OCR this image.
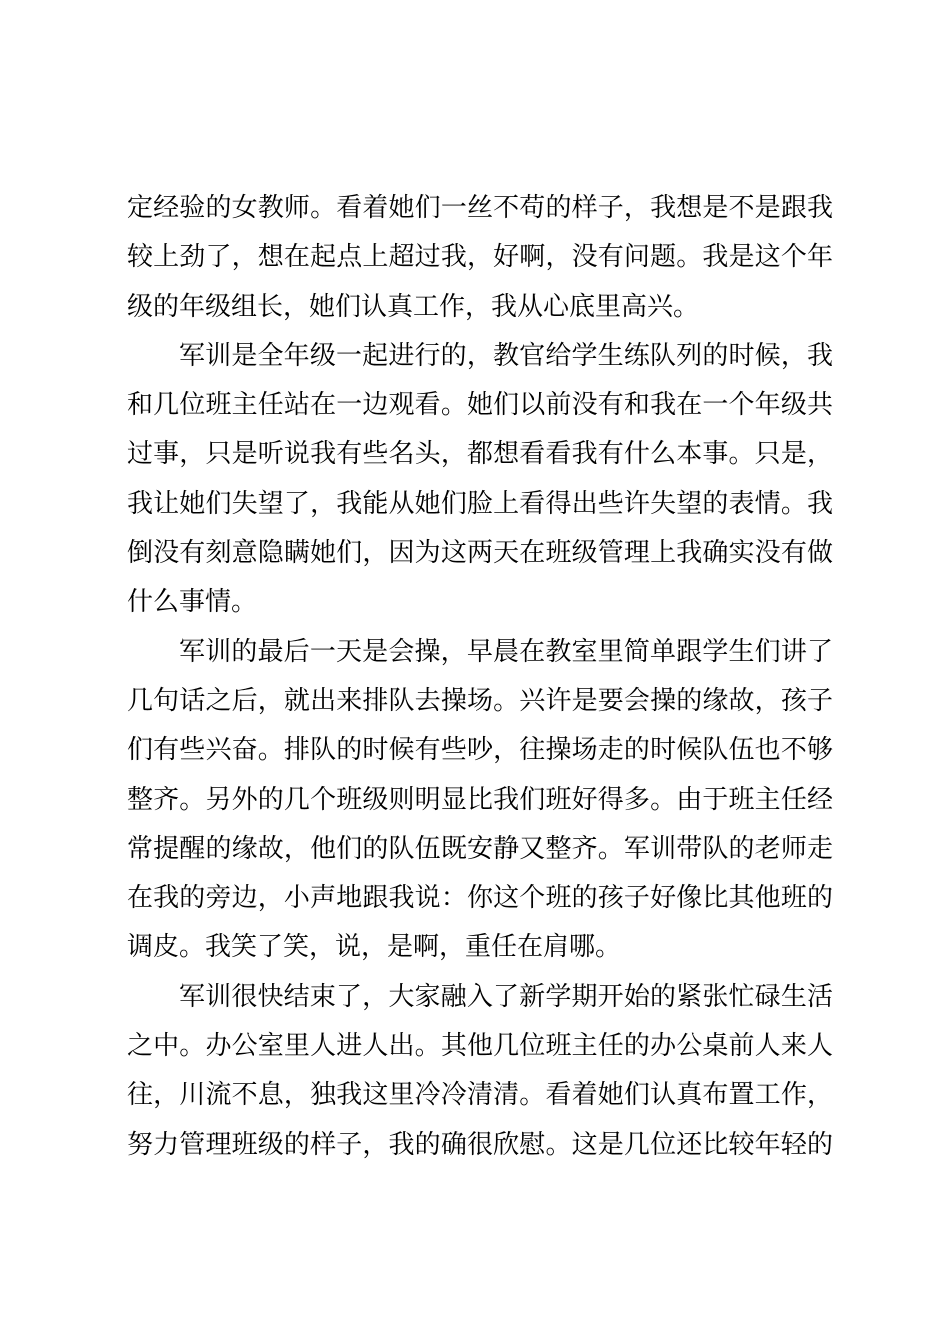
定经验的女教师。看着她们一丝不苟的样子，我想是不是跟我
较上劲了，想在起点上超过我，好啊，没有问题。我是这个年
级的年级组长，她们认真工作，我从心底里高兴。
军训是全年级一起进行的，教官给学生练队列的时候，我
和几位班主任站在一边观看。她们以前没有和我在一个年级共
过事，只是听说我有些名头，都想看看我有什么本事。只是，
我让她们失望了，我能从她们脸上看得出些许失望的表情。我
倒没有刻意隐瞒她们，因为这两天在班级管理上我确实没有做
什么事情。
军训的最后一天是会操，早晨在教室里简单跟学生们讲了
几句话之后，就出来排队去操场。兴许是要会操的缘故，孩子
们有些兴奋。排队的时候有些吵，往操场走的时候队伍也不够
整齐。另外的几个班级则明显比我们班好得多。由于班主任经
常提醒的缘故，他们的队伍既安静又整齐。军训带队的老师走
在我的旁边，小声地跟我说：你这个班的孩子好像比其他班的
调皮。我笑了笑，说，是啊，重任在肩哪。
军训很快结束了，大家融入了新学期开始的紧张忙碌生活
之中。办公室里人进人出。其他几位班主任的办公桌前人来人
往，川流不息，独我这里冷冷清清。看着她们认真布置工作，
努力管理班级的样子，我的确很欣慰。这是几位还比较年轻的
